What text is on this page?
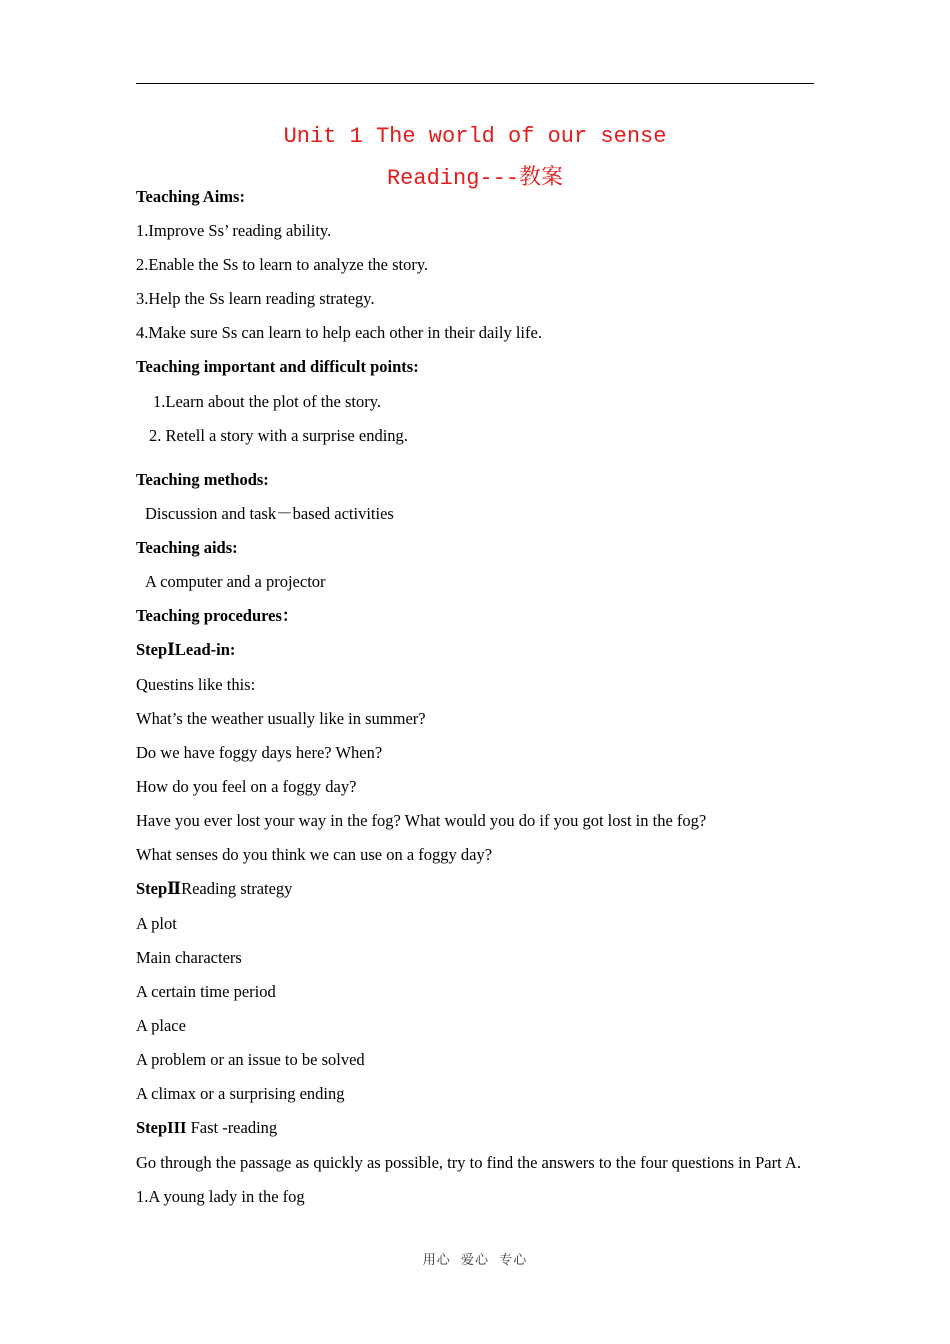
Unit 1 The world of our sense
Reading---教案
Teaching Aims:
1.Improve Ss’ reading ability.
2.Enable the Ss to learn to analyze the story.
3.Help the Ss learn reading strategy.
4.Make sure Ss can learn to help each other in their daily life.
Teaching important and difficult points:
1.Learn about the plot of the story.
2. Retell a story with a surprise ending.
Teaching methods:
Discussion and task－based activities
Teaching aids:
A computer and a projector
Teaching procedures：
StepⅠLead-in:
Questins like this:
What’s the weather usually like in summer?
Do we have foggy days here? When?
How do you feel on a foggy day?
Have you ever lost your way in the fog? What would you do if you got lost in the fog?
What senses do you think we can use on a foggy day?
StepⅡReading strategy
A plot
Main characters
A certain time period
A place
A problem or an issue to be solved
A climax or a surprising ending
StepIII Fast -reading
Go through the passage as quickly as possible, try to find the answers to the four questions in Part A.
1.A young lady in the fog
用心  爱心  专心
